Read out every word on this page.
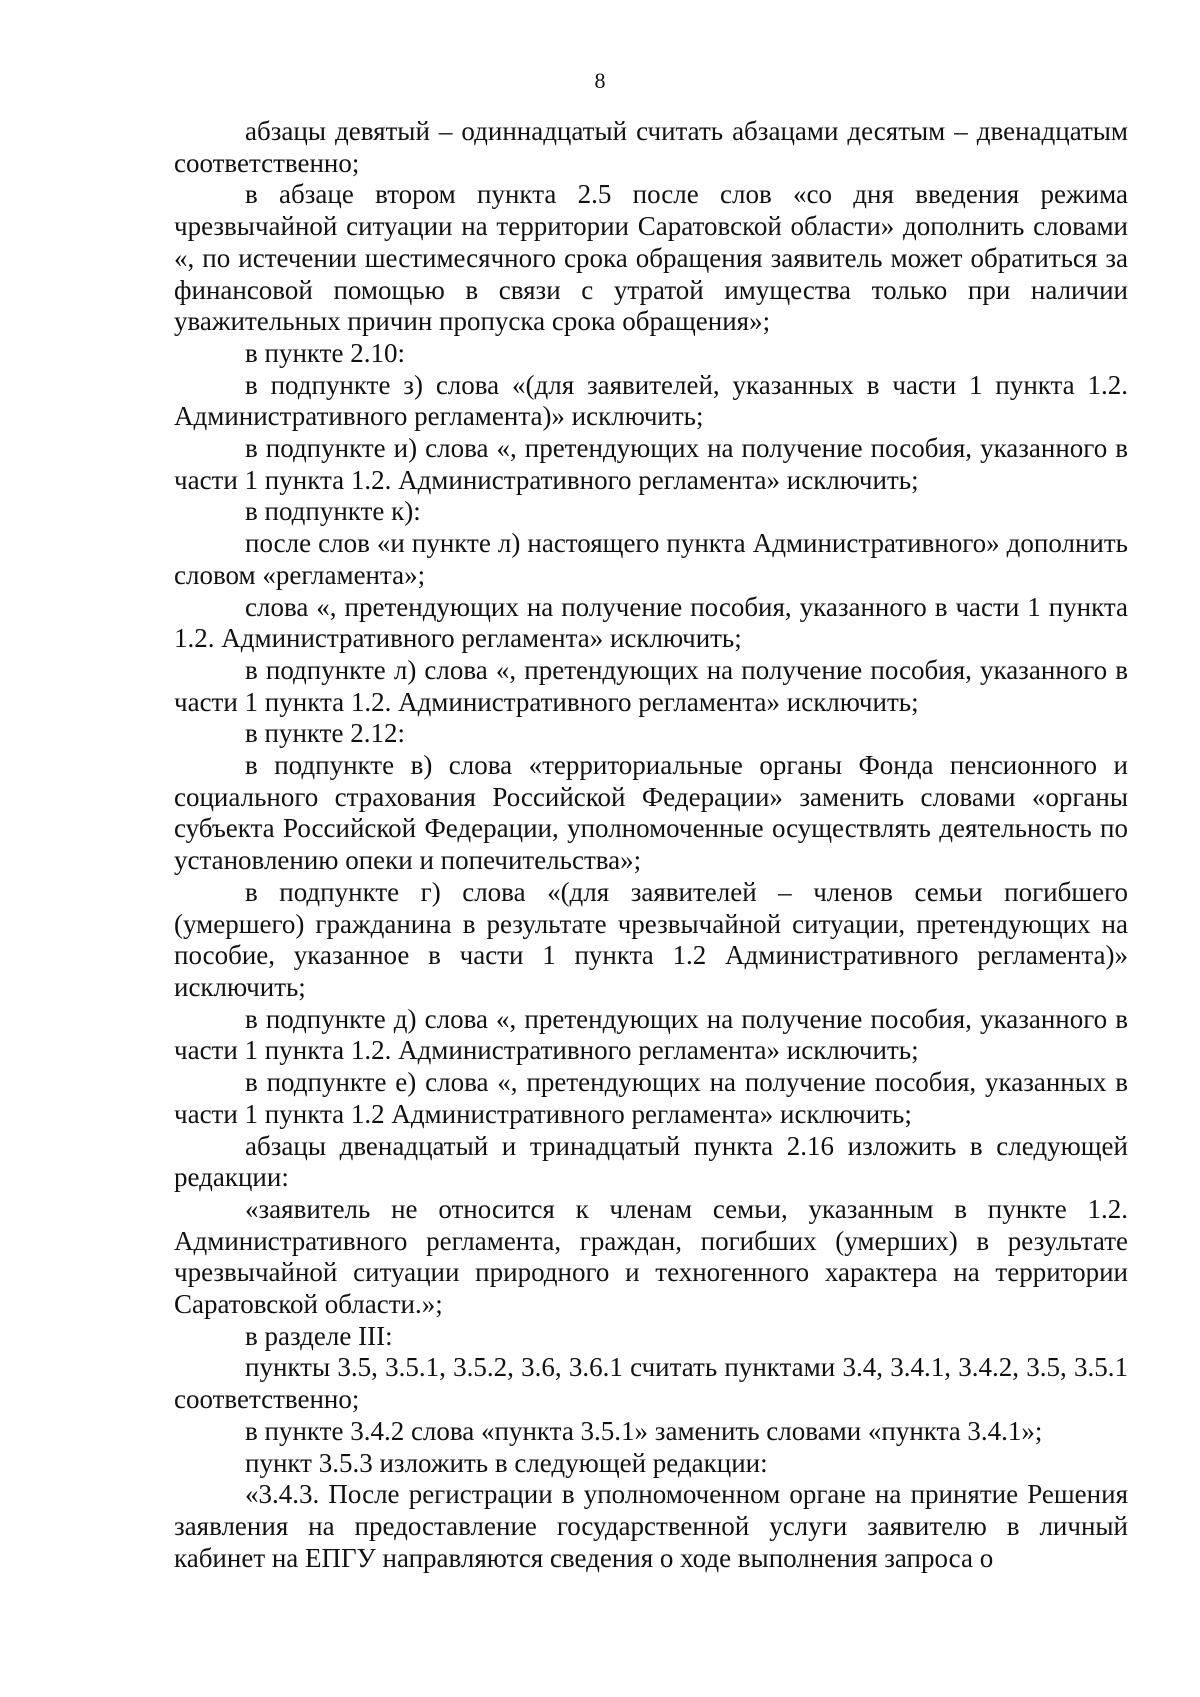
8

абзацы девятый – одиннадцатый считать абзацами десятым – двенадцатым соответственно;

в абзаце втором пункта 2.5 после слов «со дня введения режима чрезвычайной ситуации на территории Саратовской области» дополнить словами «, по истечении шестимесячного срока обращения заявитель может обратиться за финансовой помощью в связи с утратой имущества только при наличии уважительных причин пропуска срока обращения»;

в пункте 2.10:

в подпункте з) слова «(для заявителей, указанных в части 1 пункта 1.2. Административного регламента)» исключить;

в подпункте и) слова «, претендующих на получение пособия, указанного в части 1 пункта 1.2. Административного регламента» исключить;

в подпункте к):

после слов «и пункте л) настоящего пункта Административного» дополнить словом «регламента»;

слова «, претендующих на получение пособия, указанного в части 1 пункта 1.2. Административного регламента» исключить;

в подпункте л) слова «, претендующих на получение пособия, указанного в части 1 пункта 1.2. Административного регламента» исключить;

в пункте 2.12:

в подпункте в) слова «территориальные органы Фонда пенсионного и социального страхования Российской Федерации» заменить словами «органы субъекта Российской Федерации, уполномоченные осуществлять деятельность по установлению опеки и попечительства»;

в подпункте г) слова «(для заявителей – членов семьи погибшего (умершего) гражданина в результате чрезвычайной ситуации, претендующих на пособие, указанное в части 1 пункта 1.2 Административного регламента)» исключить;

в подпункте д) слова «, претендующих на получение пособия, указанного в части 1 пункта 1.2. Административного регламента» исключить;

в подпункте е) слова «, претендующих на получение пособия, указанных в части 1 пункта 1.2 Административного регламента» исключить;

абзацы двенадцатый и тринадцатый пункта 2.16 изложить в следующей редакции:

«заявитель не относится к членам семьи, указанным в пункте 1.2. Административного регламента, граждан, погибших (умерших) в результате чрезвычайной ситуации природного и техногенного характера на территории Саратовской области.»;

в разделе III:

пункты 3.5, 3.5.1, 3.5.2, 3.6, 3.6.1 считать пунктами 3.4, 3.4.1, 3.4.2, 3.5, 3.5.1 соответственно;

в пункте 3.4.2 слова «пункта 3.5.1» заменить словами «пункта 3.4.1»;

пункт 3.5.3 изложить в следующей редакции:

«3.4.3. После регистрации в уполномоченном органе на принятие Решения заявления на предоставление государственной услуги заявителю в личный кабинет на ЕПГУ направляются сведения о ходе выполнения запроса о
